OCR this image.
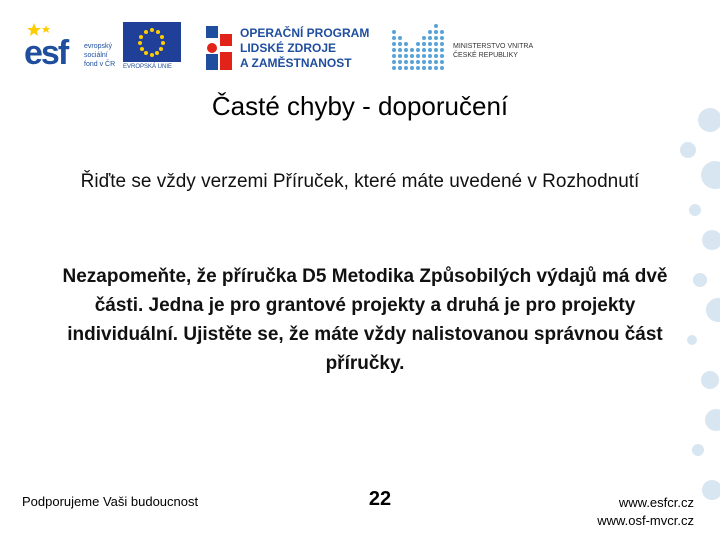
esf evropský
sociální
fond v ČR	EVROPSKÁ UNIE
OPERAČNÍ PROGRAM
LIDSKÉ ZDROJE
A ZAMĚSTNANOST
MINISTERSTVO VNITRA
ČESKÉ REPUBLIKY
Časté chyby - doporučení
Řiďte se vždy verzemi Příruček, které máte uvedené v Rozhodnutí
Nezapomeňte, že příručka D5 Metodika Způsobilých výdajů má dvě části. Jedna je pro grantové projekty a druhá je pro projekty individuální. Ujistěte se, že máte vždy nalistovanou správnou část příručky.
Podporujeme Vaši budoucnost	22	www.esfcr.cz
www.osf-mvcr.cz
